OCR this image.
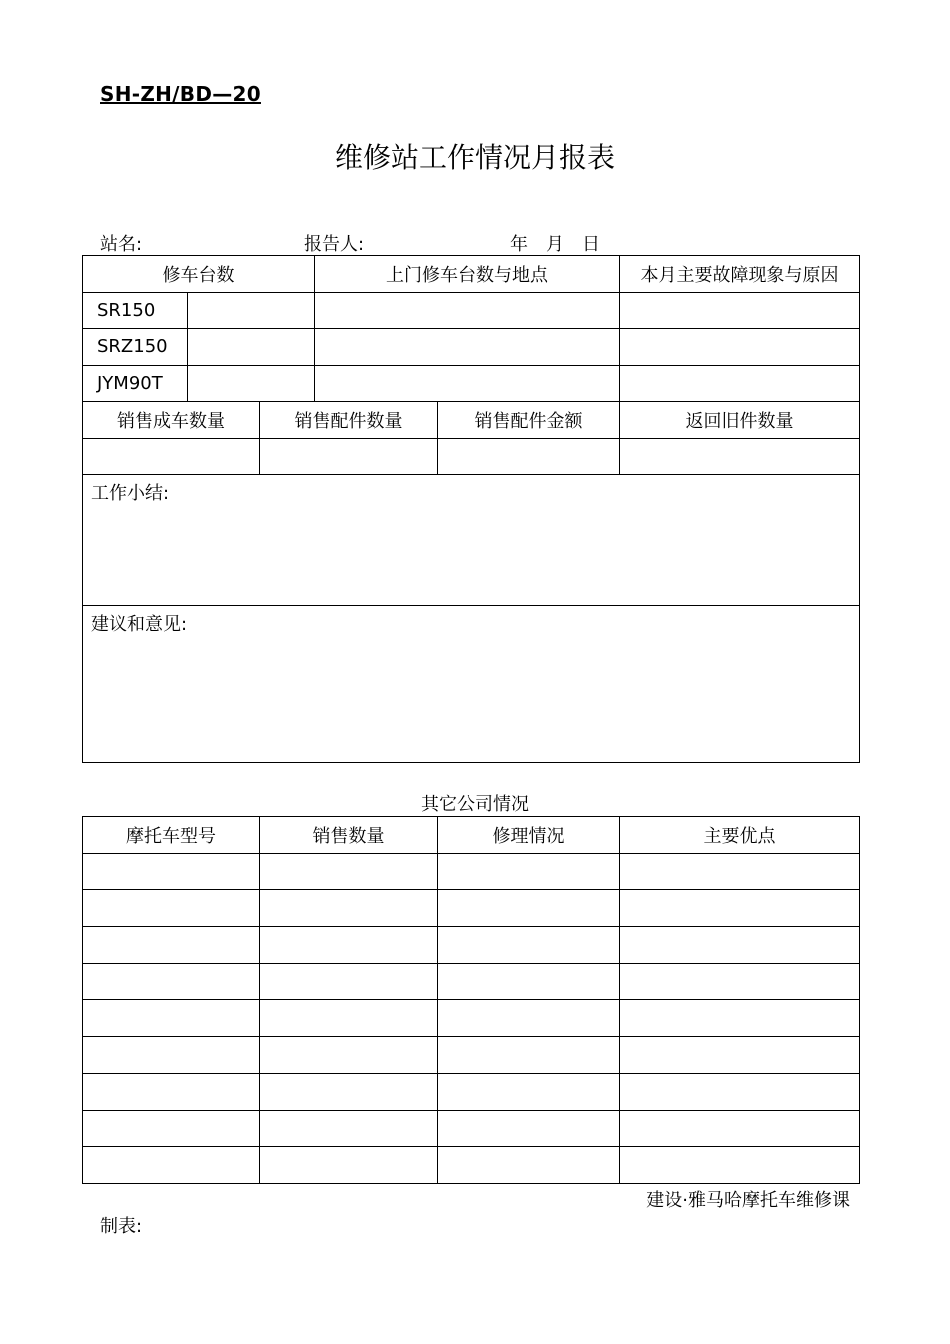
SH-ZH/BD—20
维修站工作情况月报表
站名:	报告人:	年　月　日
修车台数			上门修车台数与地点		本月主要故障现象与原因
SR150					
SRZ150					
JYM90T					
销售成车数量		销售配件数量		销售配件金额	返回旧件数量

工作小结:					
建议和意见:					
其它公司情况
摩托车型号	销售数量	修理情况	主要优点

建设·雅马哈摩托车维修课
制表:
